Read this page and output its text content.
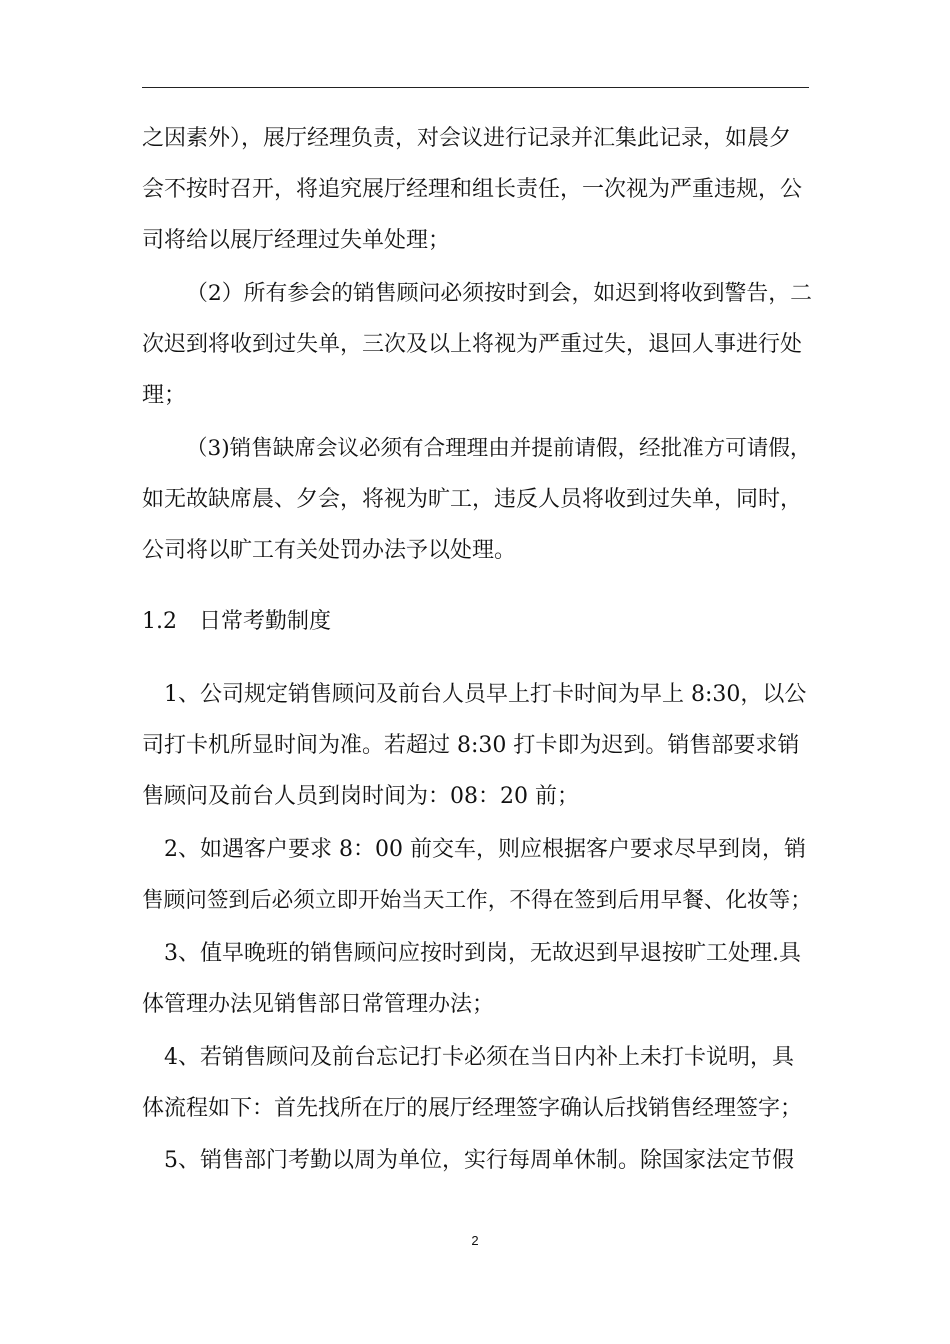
之因素外），展厅经理负责，对会议进行记录并汇集此记录，如晨夕
会不按时召开，将追究展厅经理和组长责任，一次视为严重违规，公
司将给以展厅经理过失单处理；
（2）所有参会的销售顾问必须按时到会，如迟到将收到警告，二
次迟到将收到过失单，三次及以上将视为严重过失，退回人事进行处
理；
（3)销售缺席会议必须有合理理由并提前请假，经批准方可请假，
如无故缺席晨、夕会，将视为旷工，违反人员将收到过失单，同时，
公司将以旷工有关处罚办法予以处理。
1.2　日常考勤制度
1、公司规定销售顾问及前台人员早上打卡时间为早上 8:30，以公
司打卡机所显时间为准。若超过 8:30 打卡即为迟到。销售部要求销
售顾问及前台人员到岗时间为：08：20 前；
2、如遇客户要求 8：00 前交车，则应根据客户要求尽早到岗，销
售顾问签到后必须立即开始当天工作，不得在签到后用早餐、化妆等；
3、值早晚班的销售顾问应按时到岗，无故迟到早退按旷工处理.具
体管理办法见销售部日常管理办法；
4、若销售顾问及前台忘记打卡必须在当日内补上未打卡说明，具
体流程如下：首先找所在厅的展厅经理签字确认后找销售经理签字；
5、销售部门考勤以周为单位，实行每周单休制。除国家法定节假
2
